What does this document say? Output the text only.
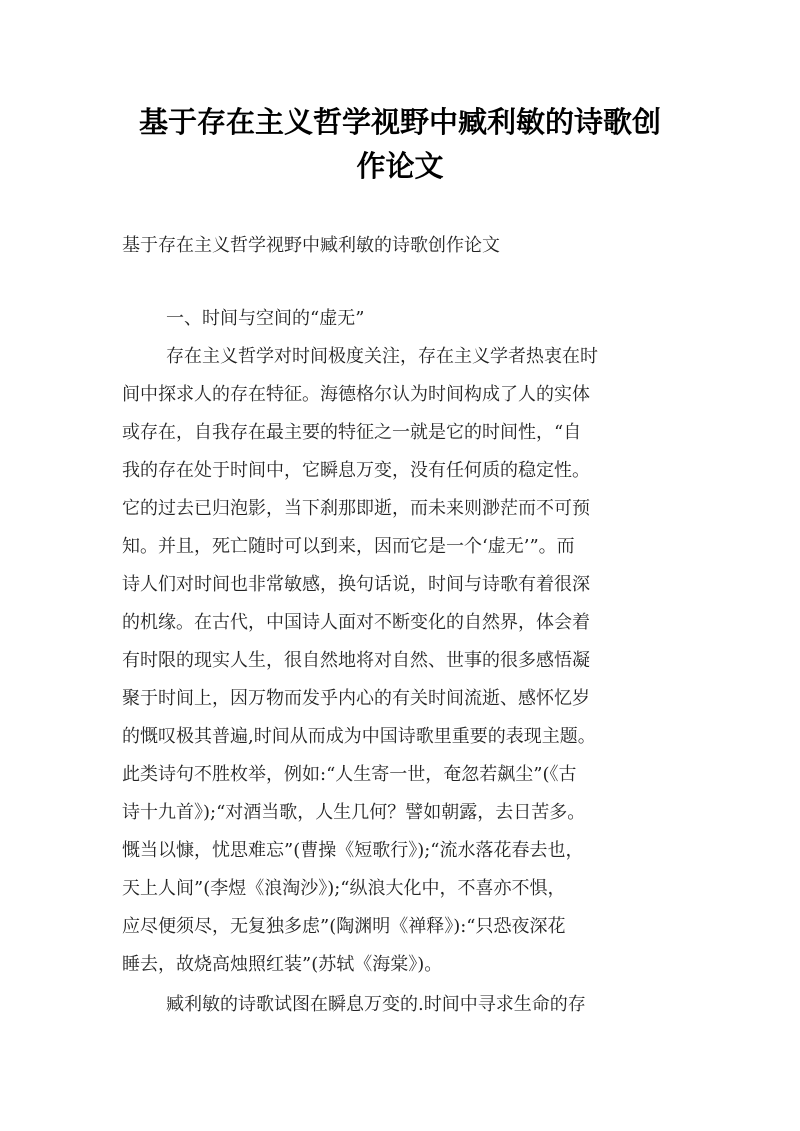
基于存在主义哲学视野中臧利敏的诗歌创
作论文

基于存在主义哲学视野中臧利敏的诗歌创作论文

一、时间与空间的“虚无”

存在主义哲学对时间极度关注，存在主义学者热衷在时

间中探求人的存在特征。海德格尔认为时间构成了人的实体

或存在，自我存在最主要的特征之一就是它的时间性，“自

我的存在处于时间中，它瞬息万变，没有任何质的稳定性。

它的过去已归泡影，当下刹那即逝，而未来则渺茫而不可预

知。并且，死亡随时可以到来，因而它是一个‘虚无’”。而

诗人们对时间也非常敏感，换句话说，时间与诗歌有着很深

的机缘。在古代，中国诗人面对不断变化的自然界，体会着

有时限的现实人生，很自然地将对自然、世事的很多感悟凝

聚于时间上，因万物而发乎内心的有关时间流逝、感怀忆岁

的慨叹极其普遍,时间从而成为中国诗歌里重要的表现主题。

此类诗句不胜枚举，例如:“人生寄一世，奄忽若飙尘”(《古

诗十九首》);“对酒当歌，人生几何？譬如朝露，去日苦多。

慨当以慷，忧思难忘”(曹操《短歌行》);“流水落花春去也，

天上人间”(李煜《浪淘沙》);“纵浪大化中，不喜亦不惧，

应尽便须尽，无复独多虑”(陶渊明《禅释》):“只恐夜深花

睡去，故烧高烛照红装”(苏轼《海棠》)。

臧利敏的诗歌试图在瞬息万变的.时间中寻求生命的存
